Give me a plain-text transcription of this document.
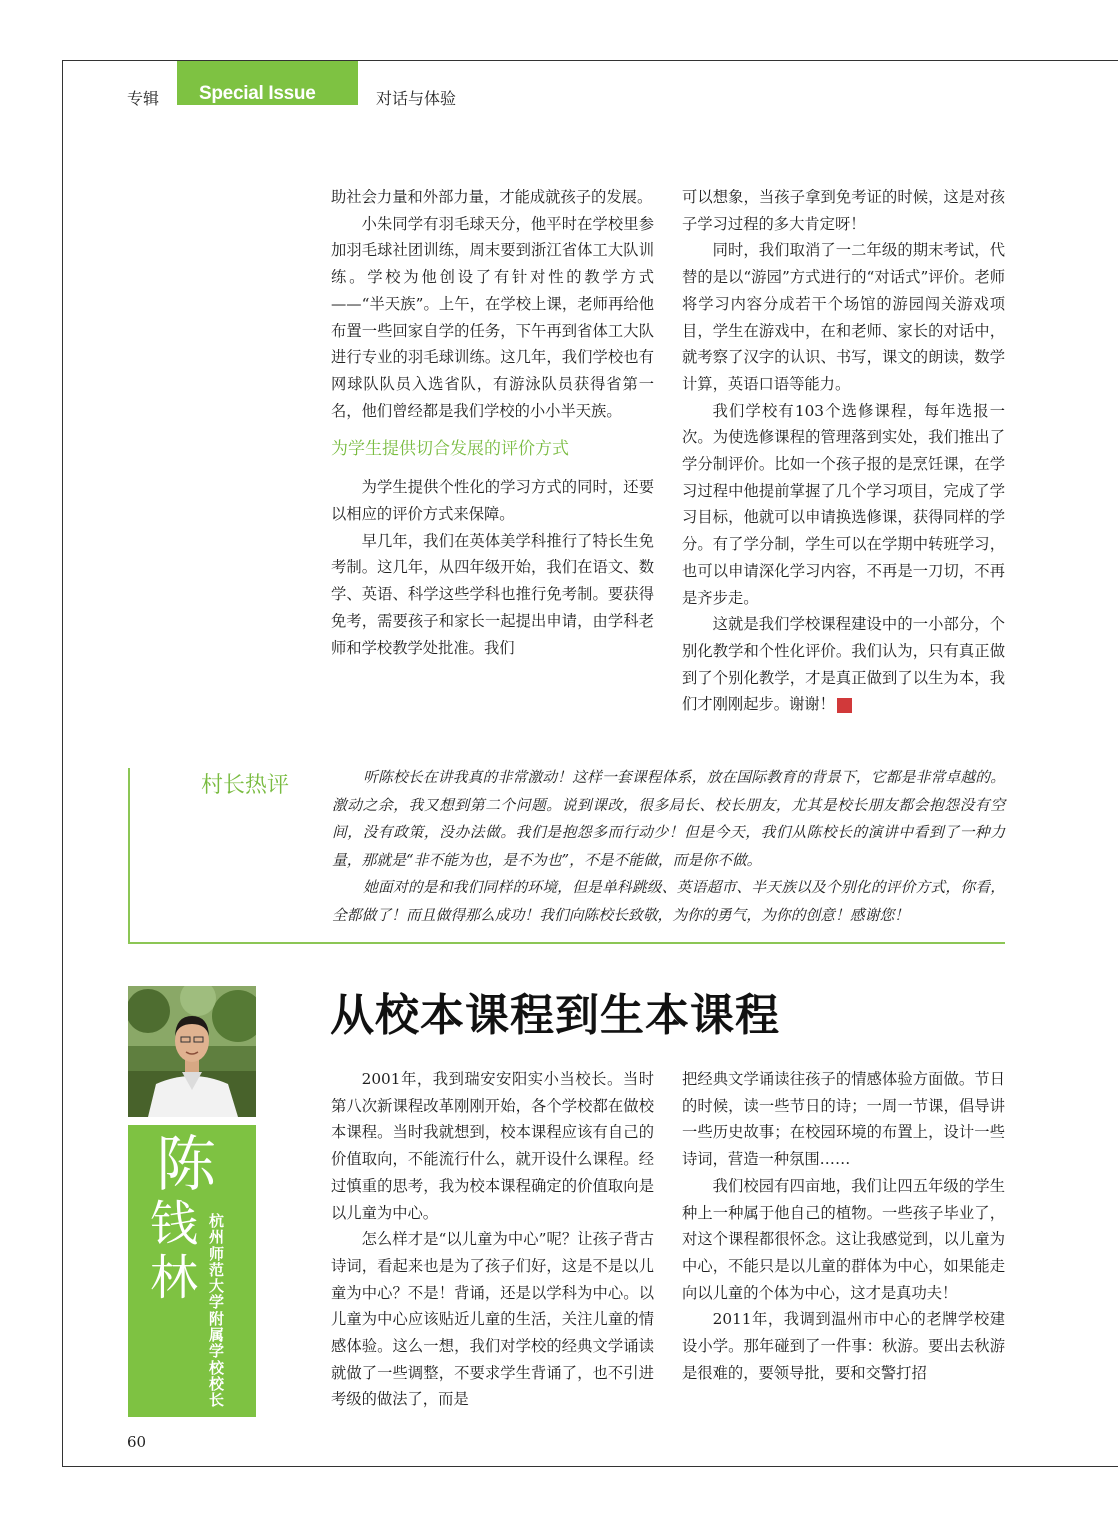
专辑 Special Issue	对话与体验

助社会力量和外部力量，才能成就孩子的发展。

小朱同学有羽毛球天分，他平时在学校里参加羽毛球社团训练，周末要到浙江省体工大队训练。学校为他创设了有针对性的教学方式——“半天族”。上午，在学校上课，老师再给他布置一些回家自学的任务，下午再到省体工大队进行专业的羽毛球训练。这几年，我们学校也有网球队队员入选省队，有游泳队员获得省第一名，他们曾经都是我们学校的小小半天族。

为学生提供切合发展的评价方式

为学生提供个性化的学习方式的同时，还要以相应的评价方式来保障。

早几年，我们在英体美学科推行了特长生免考制。这几年，从四年级开始，我们在语文、数学、英语、科学这些学科也推行免考制。要获得免考，需要孩子和家长一起提出申请，由学科老师和学校教学处批准。我们

可以想象，当孩子拿到免考证的时候，这是对孩子学习过程的多大肯定呀！

同时，我们取消了一二年级的期末考试，代替的是以“游园”方式进行的“对话式”评价。老师将学习内容分成若干个场馆的游园闯关游戏项目，学生在游戏中，在和老师、家长的对话中，就考察了汉字的认识、书写，课文的朗读，数学计算，英语口语等能力。

我们学校有103个选修课程，每年选报一次。为使选修课程的管理落到实处，我们推出了学分制评价。比如一个孩子报的是烹饪课，在学习过程中他提前掌握了几个学习项目，完成了学习目标，他就可以申请换选修课，获得同样的学分。有了学分制，学生可以在学期中转班学习，也可以申请深化学习内容，不再是一刀切，不再是齐步走。

这就是我们学校课程建设中的一小部分，个别化教学和个性化评价。我们认为，只有真正做到了个别化教学，才是真正做到了以生为本，我们才刚刚起步。谢谢！	家

村长热评	听陈校长在讲我真的非常激动！这样一套课程体系，放在国际教育的背景下，它都是非常卓越的。激动之余，我又想到第二个问题。说到课改，很多局长、校长朋友，尤其是校长朋友都会抱怨没有空间，没有政策，没办法做。我们是抱怨多而行动少！但是今天，我们从陈校长的演讲中看到了一种力量，那就是“非不能为也，是不为也”，不是不能做，而是你不做。

她面对的是和我们同样的环境，但是单科跳级、英语超市、半天族以及个别化的评价方式，你看，全都做了！而且做得那么成功！我们向陈校长致敬，为你的勇气，为你的创意！感谢您！

陈
钱
林
杭州师范大学附属学校校长
从校本课程到生本课程

2001年，我到瑞安安阳实小当校长。当时第八次新课程改革刚刚开始，各个学校都在做校本课程。当时我就想到，校本课程应该有自己的价值取向，不能流行什么，就开设什么课程。经过慎重的思考，我为校本课程确定的价值取向是以儿童为中心。

怎么样才是“以儿童为中心”呢？让孩子背古诗词，看起来也是为了孩子们好，这是不是以儿童为中心？不是！背诵，还是以学科为中心。以儿童为中心应该贴近儿童的生活，关注儿童的情感体验。这么一想，我们对学校的经典文学诵读就做了一些调整，不要求学生背诵了，也不引进考级的做法了，而是

把经典文学诵读往孩子的情感体验方面做。节日的时候，读一些节日的诗；一周一节课，倡导讲一些历史故事；在校园环境的布置上，设计一些诗词，营造一种氛围……

我们校园有四亩地，我们让四五年级的学生种上一种属于他自己的植物。一些孩子毕业了，对这个课程都很怀念。这让我感觉到，以儿童为中心，不能只是以儿童的群体为中心，如果能走向以儿童的个体为中心，这才是真功夫！

2011年，我调到温州市中心的老牌学校建设小学。那年碰到了一件事：秋游。要出去秋游是很难的，要领导批，要和交警打招

60
